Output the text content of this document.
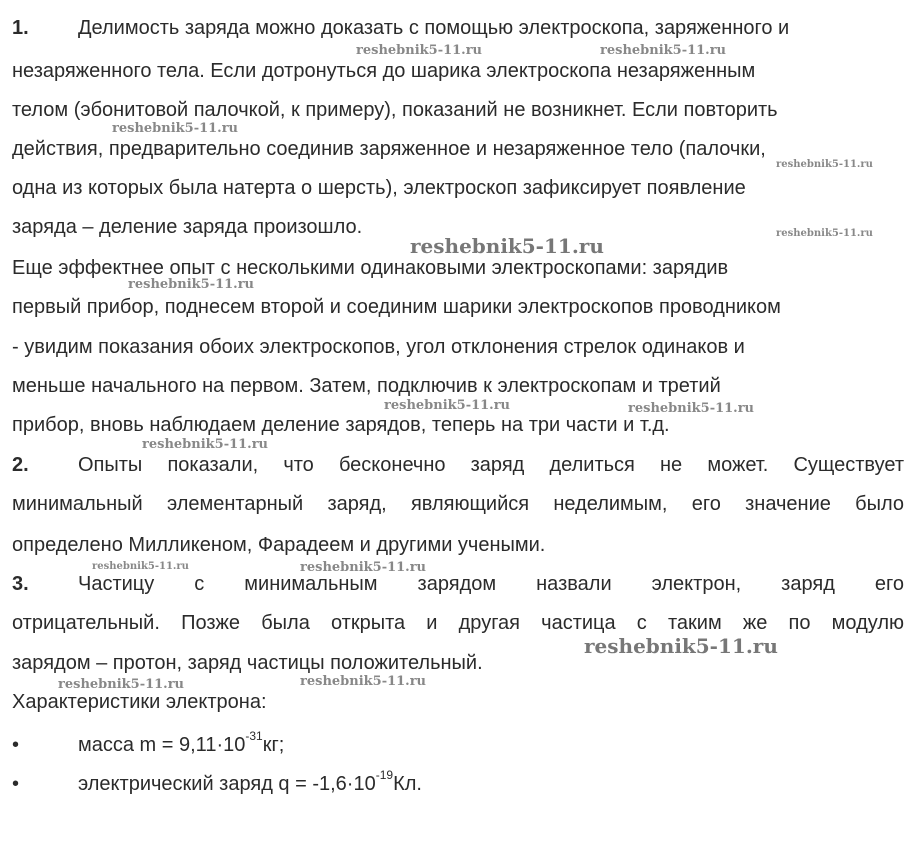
1. Делимость заряда можно доказать с помощью электроскопа, заряженного и
незаряженного тела. Если дотронуться до шарика электроскопа незаряженным
телом (эбонитовой палочкой, к примеру), показаний не возникнет. Если повторить
действия, предварительно соединив заряженное и незаряженное тело (палочки,
одна из которых была натерта о шерсть), электроскоп зафиксирует появление
заряда – деление заряда произошло.
Еще эффектнее опыт с несколькими одинаковыми электроскопами: зарядив
первый прибор, поднесем второй и соединим шарики электроскопов проводником
- увидим показания обоих электроскопов, угол отклонения стрелок одинаков и
меньше начального на первом. Затем, подключив к электроскопам и третий
прибор, вновь наблюдаем деление зарядов, теперь на три части и т.д.
2. Опыты показали, что бесконечно заряд делиться не может. Существует
минимальный элементарный заряд, являющийся неделимым, его значение было
определено Милликеном, Фарадеем и другими учеными.
3. Частицу с минимальным зарядом назвали электрон, заряд его
отрицательный. Позже была открыта и другая частица с таким же по модулю
зарядом – протон, заряд частицы положительный.
Характеристики электрона:
•	масса $m = 9,11\cdot 10^{-31}кг$;
•	электрический заряд $q = -1,6\cdot 10^{-19}Кл$.
reshebnik5-11.ru	reshebnik5-11.ru
reshebnik5-11.ru
reshebnik5-11.ru
reshebnik5-11.ru
reshebnik5-11.ru
reshebnik5-11.ru
reshebnik5-11.ru	reshebnik5-11.ru
reshebnik5-11.ru
reshebnik5-11.ru	reshebnik5-11.ru
reshebnik5-11.ru
reshebnik5-11.ru	reshebnik5-11.ru
